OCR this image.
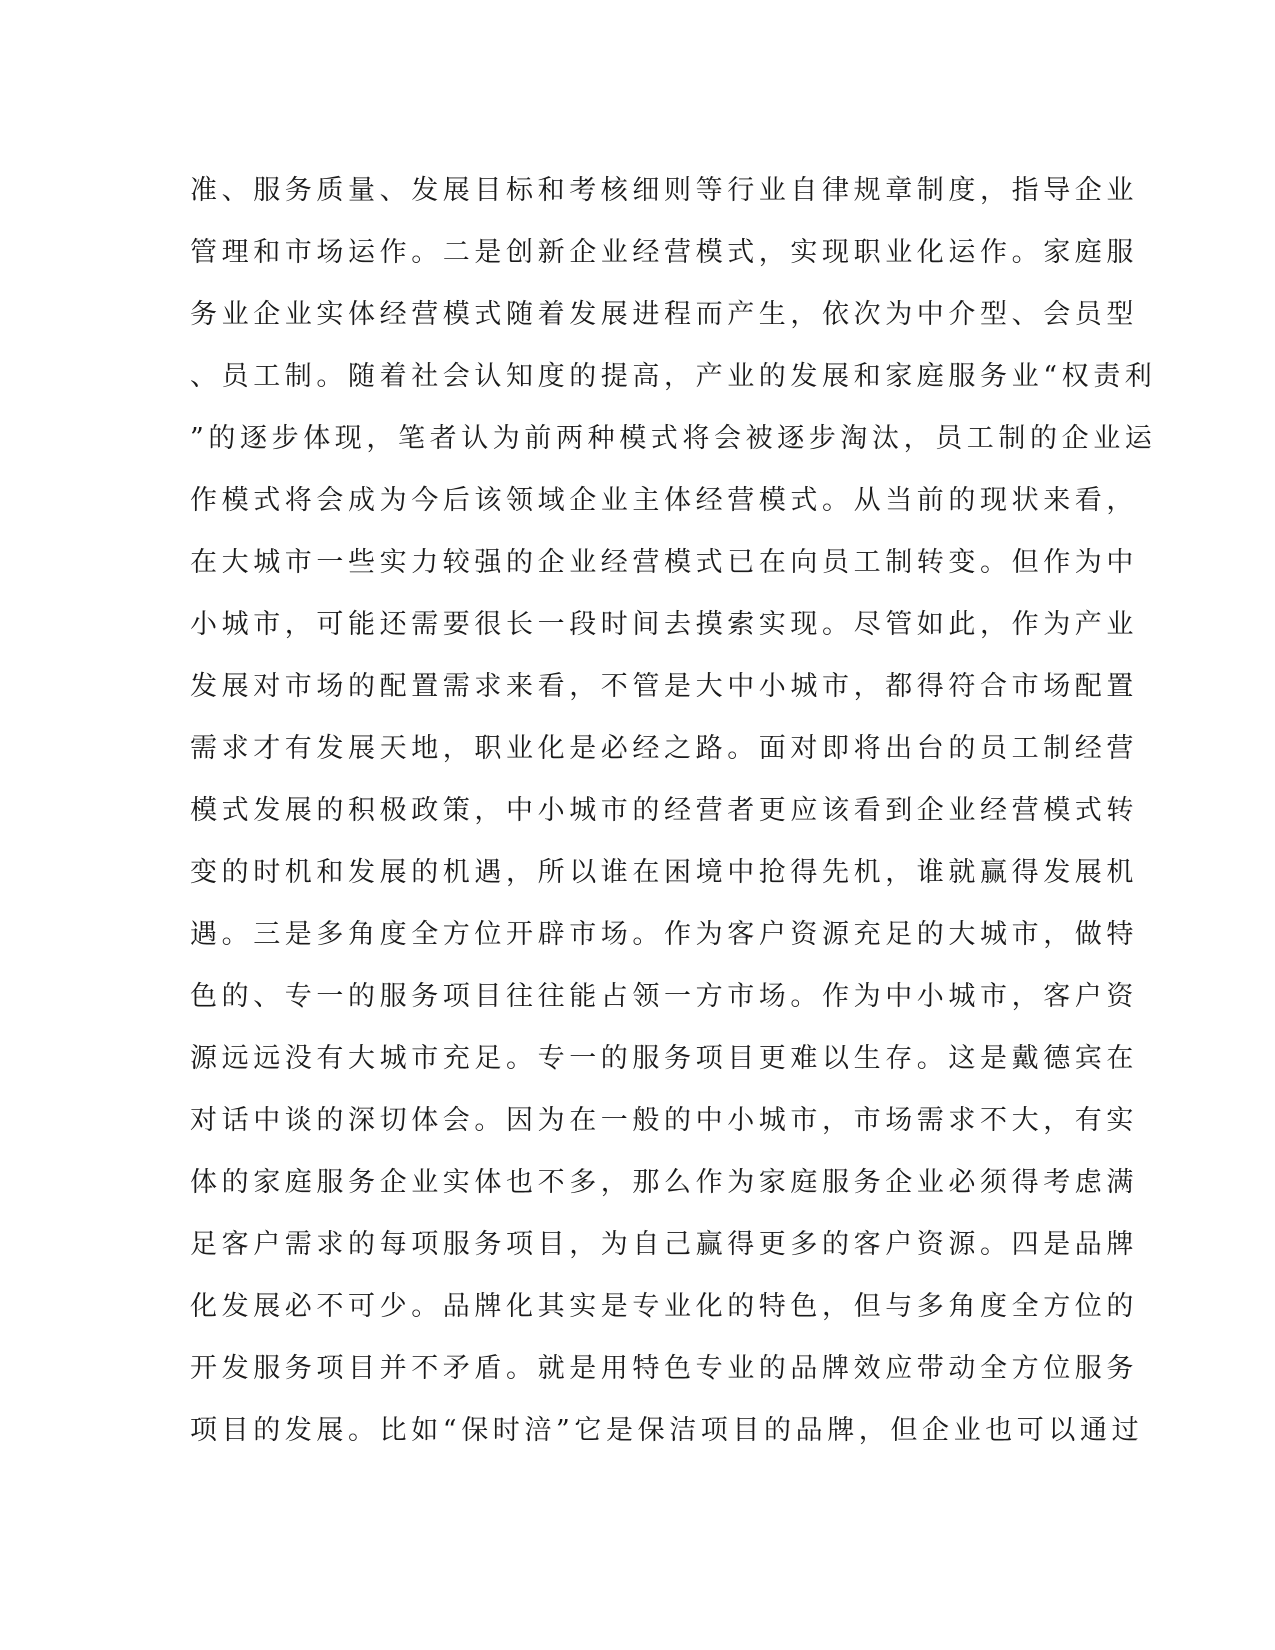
准、服务质量、发展目标和考核细则等行业自律规章制度，指导企业
管理和市场运作。二是创新企业经营模式，实现职业化运作。家庭服
务业企业实体经营模式随着发展进程而产生，依次为中介型、会员型
、员工制。随着社会认知度的提高，产业的发展和家庭服务业“权责利
”的逐步体现，笔者认为前两种模式将会被逐步淘汰，员工制的企业运
作模式将会成为今后该领域企业主体经营模式。从当前的现状来看，
在大城市一些实力较强的企业经营模式已在向员工制转变。但作为中
小城市，可能还需要很长一段时间去摸索实现。尽管如此，作为产业
发展对市场的配置需求来看，不管是大中小城市，都得符合市场配置
需求才有发展天地，职业化是必经之路。面对即将出台的员工制经营
模式发展的积极政策，中小城市的经营者更应该看到企业经营模式转
变的时机和发展的机遇，所以谁在困境中抢得先机，谁就赢得发展机
遇。三是多角度全方位开辟市场。作为客户资源充足的大城市，做特
色的、专一的服务项目往往能占领一方市场。作为中小城市，客户资
源远远没有大城市充足。专一的服务项目更难以生存。这是戴德宾在
对话中谈的深切体会。因为在一般的中小城市，市场需求不大，有实
体的家庭服务企业实体也不多，那么作为家庭服务企业必须得考虑满
足客户需求的每项服务项目，为自己赢得更多的客户资源。四是品牌
化发展必不可少。品牌化其实是专业化的特色，但与多角度全方位的
开发服务项目并不矛盾。就是用特色专业的品牌效应带动全方位服务
项目的发展。比如“保时涪”它是保洁项目的品牌，但企业也可以通过
